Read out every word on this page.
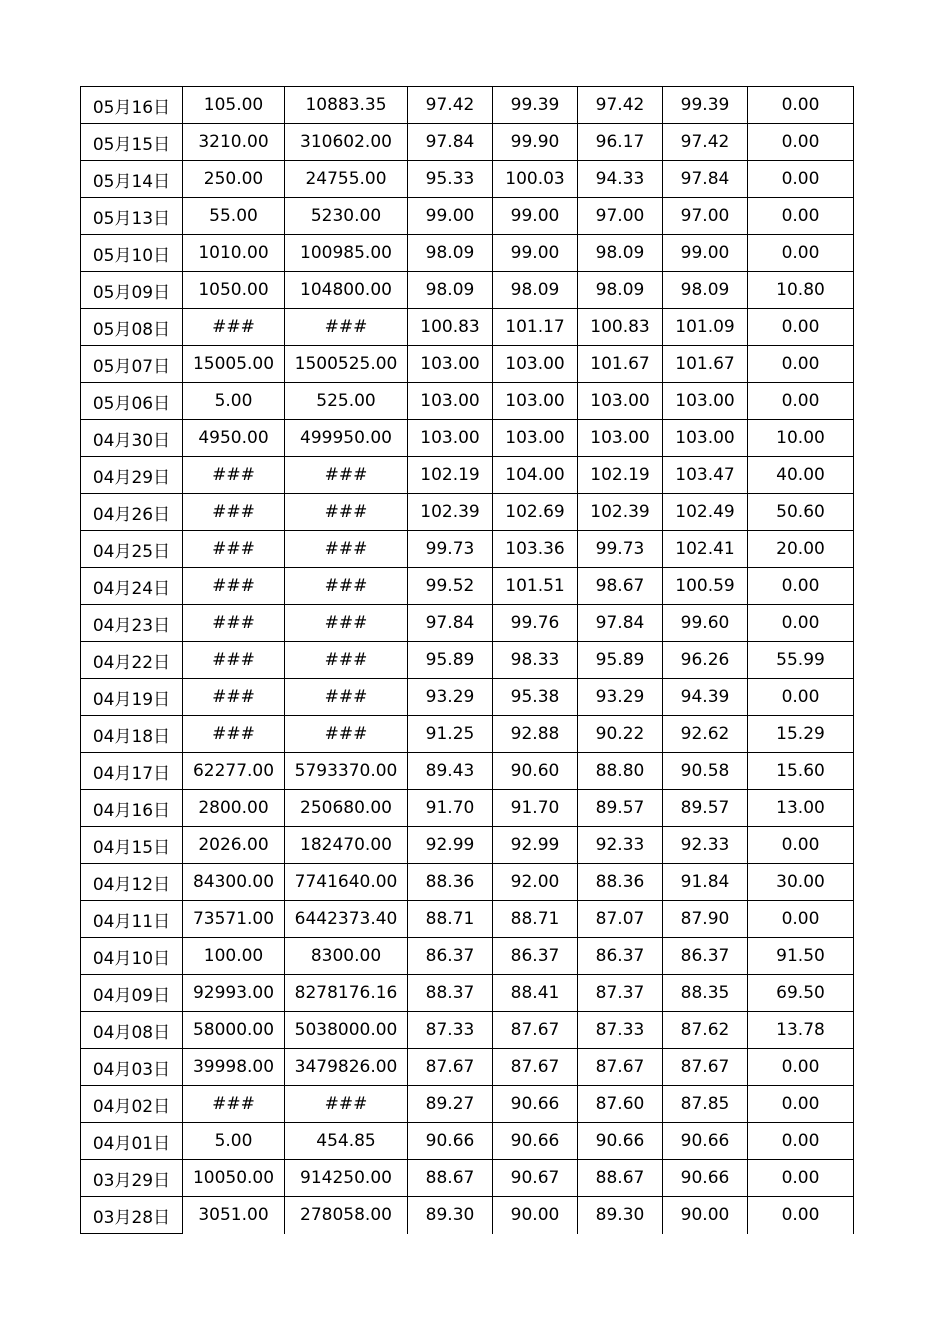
05月16日	105.00	10883.35	97.42	99.39	97.42	99.39	0.00
05月15日	3210.00	310602.00	97.84	99.90	96.17	97.42	0.00
05月14日	250.00	24755.00	95.33	100.03	94.33	97.84	0.00
05月13日	55.00	5230.00	99.00	99.00	97.00	97.00	0.00
05月10日	1010.00	100985.00	98.09	99.00	98.09	99.00	0.00
05月09日	1050.00	104800.00	98.09	98.09	98.09	98.09	10.80
05月08日	###	###	100.83	101.17	100.83	101.09	0.00
05月07日	15005.00	1500525.00	103.00	103.00	101.67	101.67	0.00
05月06日	5.00	525.00	103.00	103.00	103.00	103.00	0.00
04月30日	4950.00	499950.00	103.00	103.00	103.00	103.00	10.00
04月29日	###	###	102.19	104.00	102.19	103.47	40.00
04月26日	###	###	102.39	102.69	102.39	102.49	50.60
04月25日	###	###	99.73	103.36	99.73	102.41	20.00
04月24日	###	###	99.52	101.51	98.67	100.59	0.00
04月23日	###	###	97.84	99.76	97.84	99.60	0.00
04月22日	###	###	95.89	98.33	95.89	96.26	55.99
04月19日	###	###	93.29	95.38	93.29	94.39	0.00
04月18日	###	###	91.25	92.88	90.22	92.62	15.29
04月17日	62277.00	5793370.00	89.43	90.60	88.80	90.58	15.60
04月16日	2800.00	250680.00	91.70	91.70	89.57	89.57	13.00
04月15日	2026.00	182470.00	92.99	92.99	92.33	92.33	0.00
04月12日	84300.00	7741640.00	88.36	92.00	88.36	91.84	30.00
04月11日	73571.00	6442373.40	88.71	88.71	87.07	87.90	0.00
04月10日	100.00	8300.00	86.37	86.37	86.37	86.37	91.50
04月09日	92993.00	8278176.16	88.37	88.41	87.37	88.35	69.50
04月08日	58000.00	5038000.00	87.33	87.67	87.33	87.62	13.78
04月03日	39998.00	3479826.00	87.67	87.67	87.67	87.67	0.00
04月02日	###	###	89.27	90.66	87.60	87.85	0.00
04月01日	5.00	454.85	90.66	90.66	90.66	90.66	0.00
03月29日	10050.00	914250.00	88.67	90.67	88.67	90.66	0.00
03月28日	3051.00	278058.00	89.30	90.00	89.30	90.00	0.00
